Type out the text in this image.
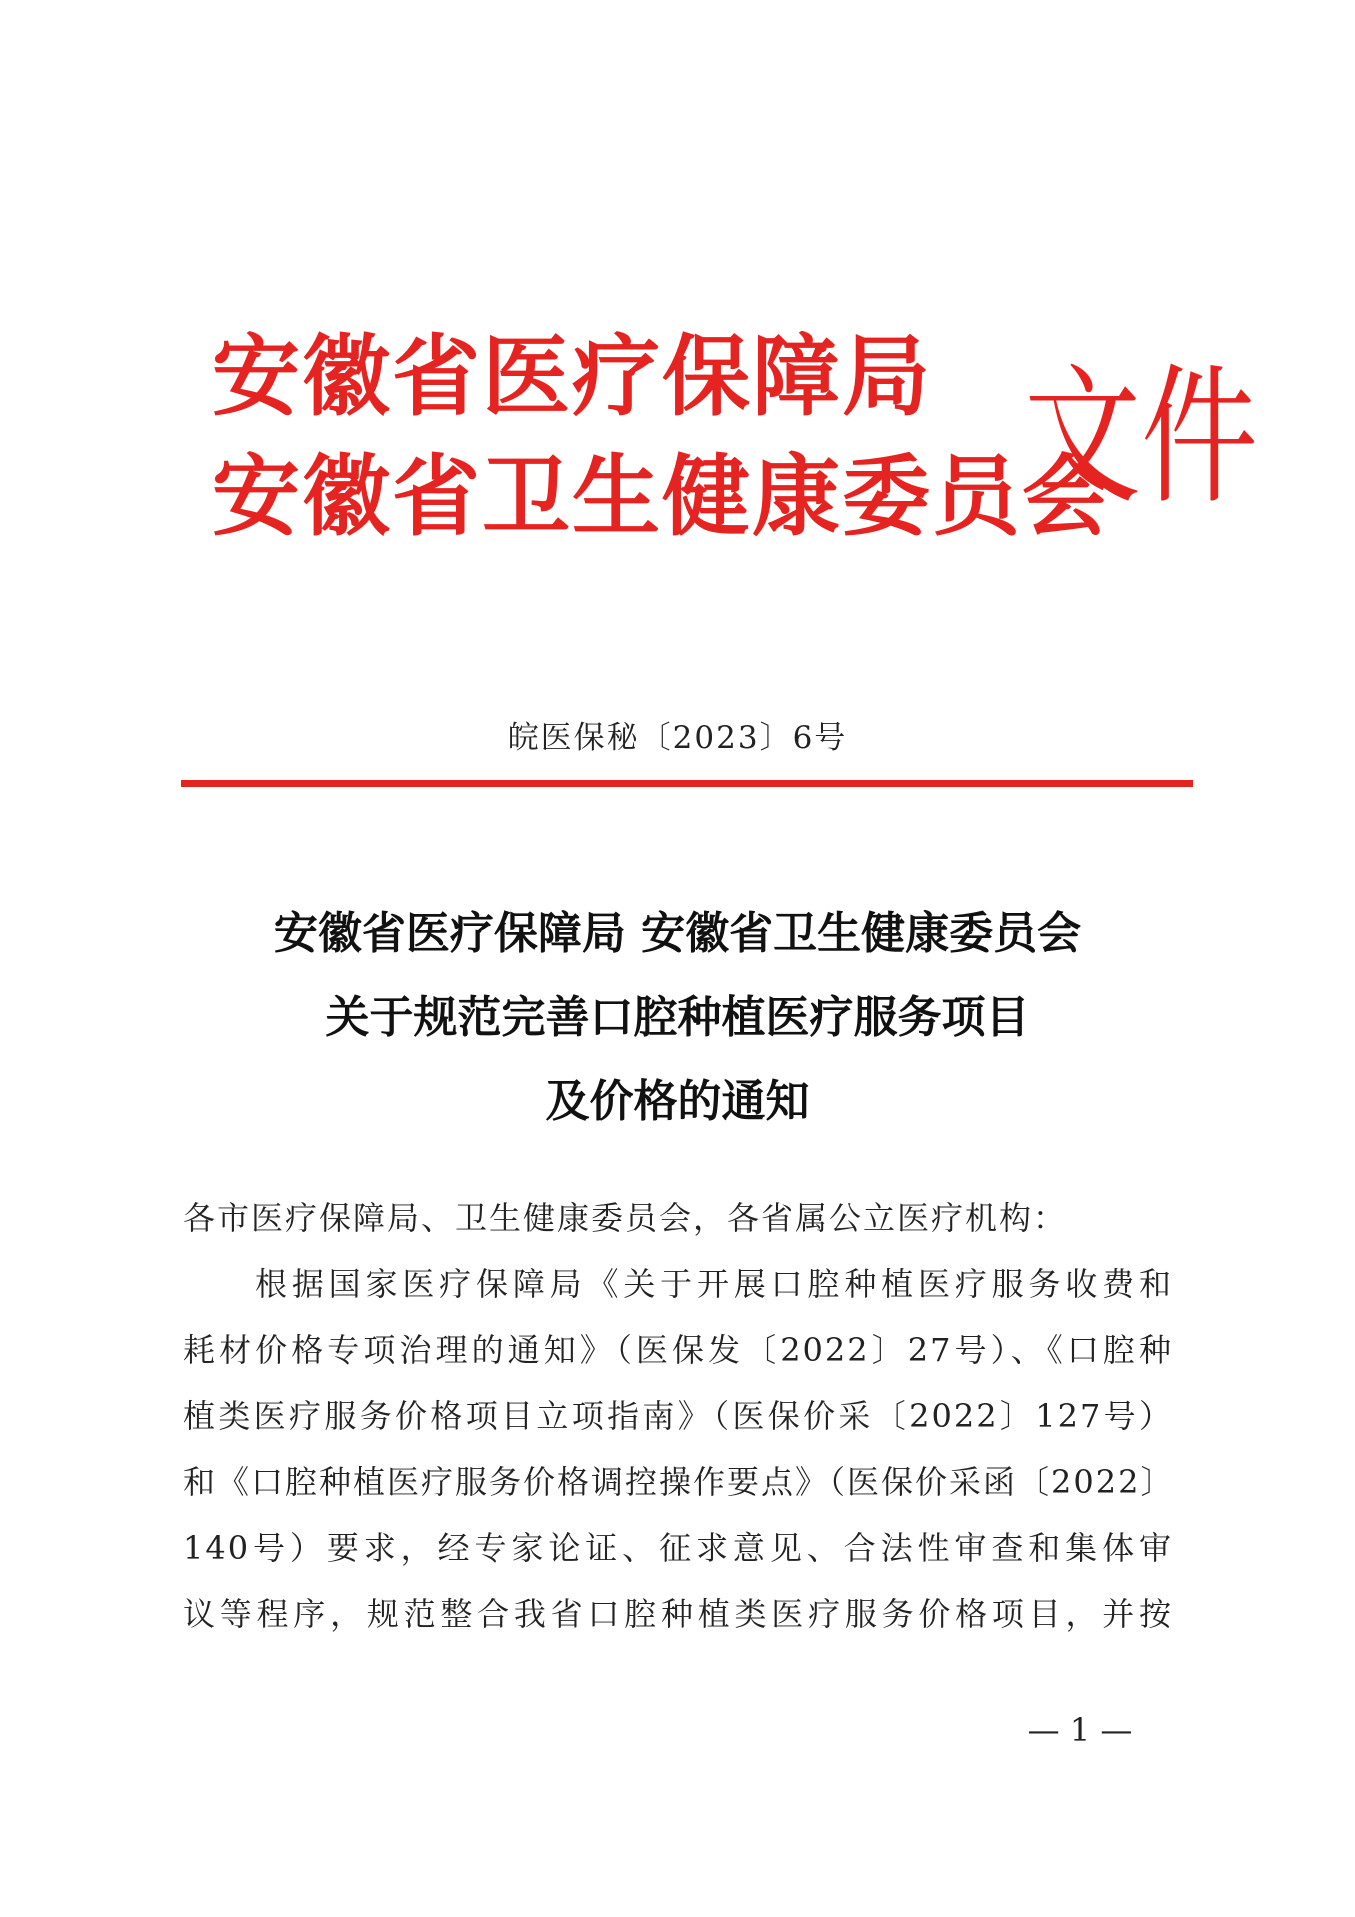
安徽省医疗保障局
安徽省卫生健康委员会
文件
皖医保秘〔2023〕6号
安徽省医疗保障局 安徽省卫生健康委员会
关于规范完善口腔种植医疗服务项目
及价格的通知
各市医疗保障局、卫生健康委员会，各省属公立医疗机构：
根据国家医疗保障局《关于开展口腔种植医疗服务收费和
耗材价格专项治理的通知》（医保发〔2022〕27号）、《口腔种
植类医疗服务价格项目立项指南》（医保价采〔2022〕127号）
和《口腔种植医疗服务价格调控操作要点》（医保价采函〔2022〕
140号）要求，经专家论证、征求意见、合法性审查和集体审
议等程序，规范整合我省口腔种植类医疗服务价格项目，并按
— 1 —
